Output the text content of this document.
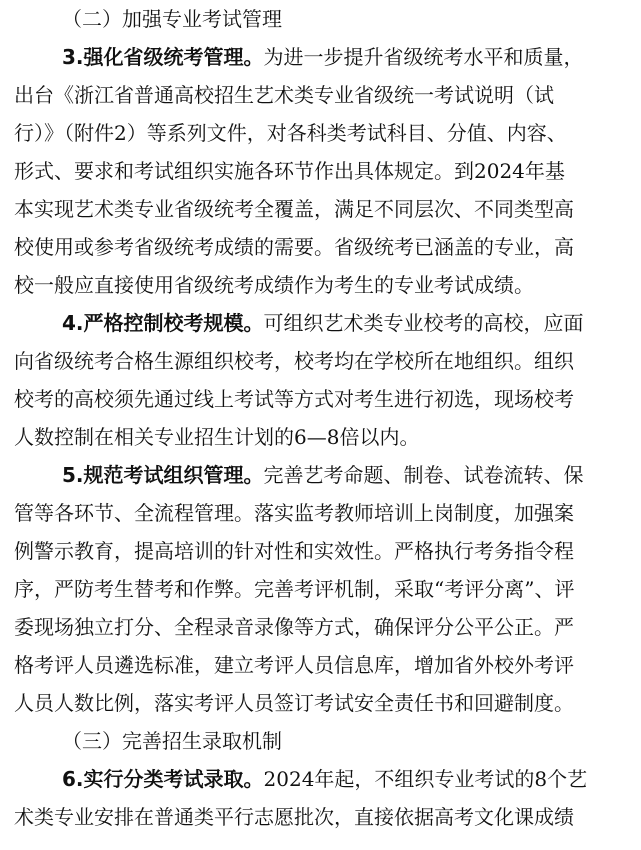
（二）加强专业考试管理
3.强化省级统考管理。为进一步提升省级统考水平和质量，
出台《浙江省普通高校招生艺术类专业省级统一考试说明（试
行）》（附件2）等系列文件，对各科类考试科目、分值、内容、
形式、要求和考试组织实施各环节作出具体规定。到2024年基
本实现艺术类专业省级统考全覆盖，满足不同层次、不同类型高
校使用或参考省级统考成绩的需要。省级统考已涵盖的专业，高
校一般应直接使用省级统考成绩作为考生的专业考试成绩。
4.严格控制校考规模。可组织艺术类专业校考的高校，应面
向省级统考合格生源组织校考，校考均在学校所在地组织。组织
校考的高校须先通过线上考试等方式对考生进行初选，现场校考
人数控制在相关专业招生计划的6—8倍以内。
5.规范考试组织管理。完善艺考命题、制卷、试卷流转、保
管等各环节、全流程管理。落实监考教师培训上岗制度，加强案
例警示教育，提高培训的针对性和实效性。严格执行考务指令程
序，严防考生替考和作弊。完善考评机制，采取“考评分离”、评
委现场独立打分、全程录音录像等方式，确保评分公平公正。严
格考评人员遴选标准，建立考评人员信息库，增加省外校外考评
人员人数比例，落实考评人员签订考试安全责任书和回避制度。
（三）完善招生录取机制
6.实行分类考试录取。2024年起，不组织专业考试的8个艺
术类专业安排在普通类平行志愿批次，直接依据高考文化课成绩
